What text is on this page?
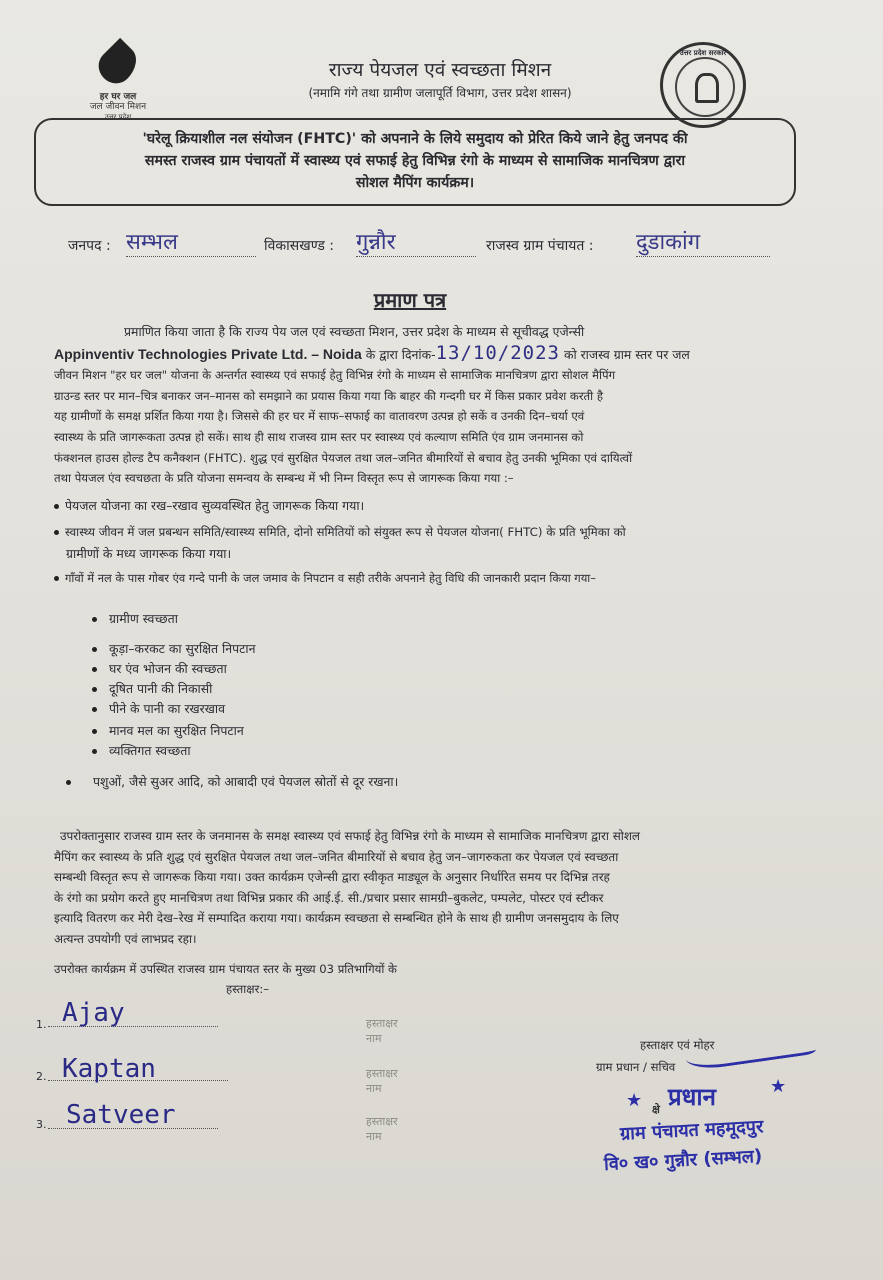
हर घर जल
जल जीवन मिशन
उत्तर प्रदेश
राज्य पेयजल एवं स्वच्छता मिशन
(नमामि गंगे तथा ग्रामीण जलापूर्ति विभाग, उत्तर प्रदेश शासन)
उत्तर प्रदेश सरकार
'घरेलू क्रियाशील नल संयोजन (FHTC)' को अपनाने के लिये समुदाय को प्रेरित किये जाने हेतु जनपद की
समस्त राजस्व ग्राम पंचायतों में स्वास्थ्य एवं सफाई हेतु विभिन्न रंगो के माध्यम से सामाजिक मानचित्रण द्वारा
सोशल मैपिंग कार्यक्रम।
जनपद : सम्भल	विकासखण्ड : गुन्नौर	राजस्व ग्राम पंचायत : दुडाकांग
प्रमाण पत्र
प्रमाणित किया जाता है कि राज्य पेय जल एवं स्वच्छता मिशन, उत्तर प्रदेश के माध्यम से सूचीवद्ध एजेन्सी
Appinventiv Technologies Private Ltd. – Noida के द्वारा दिनांक-13/10/2023 को राजस्व ग्राम स्तर पर जल
जीवन मिशन "हर घर जल" योजना के अन्तर्गत स्वास्थ्य एवं सफाई हेतु विभिन्न रंगो के माध्यम से सामाजिक मानचित्रण द्वारा सोशल मैपिंग
ग्राउन्ड स्तर पर मान–चित्र बनाकर जन–मानस को समझाने का प्रयास किया गया कि बाहर की गन्दगी घर में किस प्रकार प्रवेश करती है
यह ग्रामीणों के समक्ष प्रर्शित किया गया है। जिससे की हर घर में साफ–सफाई का वातावरण उत्पन्न हो सकें व उनकी दिन–चर्या एवं
स्वास्थ्य के प्रति जागरूकता उत्पन्न हो सकें। साथ ही साथ राजस्व ग्राम स्तर पर स्वास्थ्य एवं कल्याण समिति एंव ग्राम जनमानस को
फंक्शनल हाउस होल्ड टैप कनैक्शन (FHTC). शुद्ध एवं सुरक्षित पेयजल तथा जल–जनित बीमारियों से बचाव हेतु उनकी भूमिका एवं दायित्वों
तथा पेयजल एंव स्वचछता के प्रति योजना समन्वय के सम्बन्ध में भी निम्न विस्तृत रूप से जागरूक किया गया :–
पेयजल योजना का रख–रखाव सुव्यवस्थित हेतु जागरूक किया गया।
स्वास्थ्य जीवन में जल प्रबन्धन समिति/स्वास्थ्य समिति, दोनो समितियों को संयुक्त रूप से पेयजल योजना( FHTC) के प्रति भूमिका को
ग्रामीणों के मध्य जागरूक किया गया।
गाँवों में नल के पास गोबर एंव गन्दे पानी के जल जमाव के निपटान व सही तरीके अपनाने हेतु विधि की जानकारी प्रदान किया गया–
ग्रामीण स्वच्छता
कूड़ा–करकट का सुरक्षित निपटान
घर एंव भोजन की स्वच्छता
दूषित पानी की निकासी
पीने के पानी का रखरखाव
मानव मल का सुरक्षित निपटान
व्यक्तिगत स्वच्छता
पशुओं, जैसे सुअर आदि, को आबादी एवं पेयजल स्रोतों से दूर रखना।
उपरोक्तानुसार राजस्व ग्राम स्तर के जनमानस के समक्ष स्वास्थ्य एवं सफाई हेतु विभिन्न रंगो के माध्यम से सामाजिक मानचित्रण द्वारा सोशल
मैपिंग कर स्वास्थ्य के प्रति शुद्ध एवं सुरक्षित पेयजल तथा जल–जनित बीमारियों से बचाव हेतु जन–जागरुकता कर पेयजल एवं स्वच्छता
सम्बन्धी विस्तृत रूप से जागरूक किया गया। उक्त कार्यक्रम एजेन्सी द्वारा स्वीकृत माड्यूल के अनुसार निर्धारित समय पर दिभिन्न तरह
के रंगो का प्रयोग करते हुए मानचित्रण तथा विभिन्न प्रकार की आई.ई. सी./प्रचार प्रसार सामग्री–बुकलेट, पम्पलेट, पोस्टर एवं स्टीकर
इत्यादि वितरण कर मेरी देख–रेख में सम्पादित कराया गया। कार्यक्रम स्वच्छता से सम्बन्धित होने के साथ ही ग्रामीण जनसमुदाय के लिए
अत्यन्त उपयोगी एवं लाभप्रद रहा।
उपरोक्त कार्यक्रम में उपस्थित राजस्व ग्राम पंचायत स्तर के मुख्य 03 प्रतिभागियों के
हस्ताक्षर:–
1. Ajay	हस्ताक्षर नाम
2. Kaptan	हस्ताक्षर नाम
3. Satveer	हस्ताक्षर नाम
हस्ताक्षर एवं मोहर
ग्राम प्रधान / सचिव
★
★
क्षे प्रधान
ग्राम पंचायत महमूदपुर
वि० ख० गुन्नौर (सम्भल)
